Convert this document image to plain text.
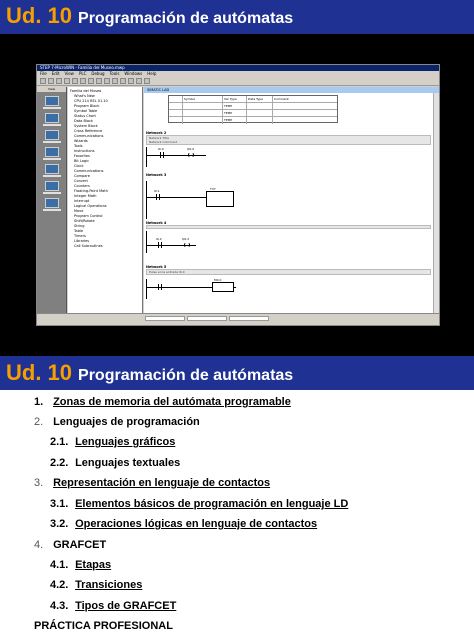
Ud. 10 Programación de autómatas
STEP 7-MicroWIN - Familia del Museo.mwp
File Edit View PLC Debug Tools Windows Help
View	Familia del Museo
What's New
CPU 214 REL 01.10
Program Block
Symbol Table
Status Chart
Data Block
System Block
Cross Reference
Communications
Wizards
Tools
Instructions
Favorites
Bit Logic
Clock
Communications
Compare
Convert
Counters
Floating-Point Math
Integer Math
Interrupt
Logical Operations
Move
Program Control
Shift/Rotate
String
Table
Timers
Libraries
Call Subroutines
SIMATIC LAD
Symbol	Var Type	Data Type	Comment
TEMP
TEMP
TEMP
Network 2
Network Title
Network Comment
I0.0	Q0.0
Network 3
I0.1	T37
Network 4
I0.2	Q0.2
Network 5
Pulse en la entrada I0.0
M0.0
Ud. 10 Programación de autómatas
1. Zonas de memoria del autómata programable
2. Lenguajes de programación
2.1. Lenguajes gráficos
2.2. Lenguajes textuales
3. Representación en lenguaje de contactos
3.1. Elementos básicos de programación en lenguaje LD
3.2. Operaciones lógicas en lenguaje de contactos
4. GRAFCET
4.1. Etapas
4.2. Transiciones
4.3. Tipos de GRAFCET
PRÁCTICA PROFESIONAL
